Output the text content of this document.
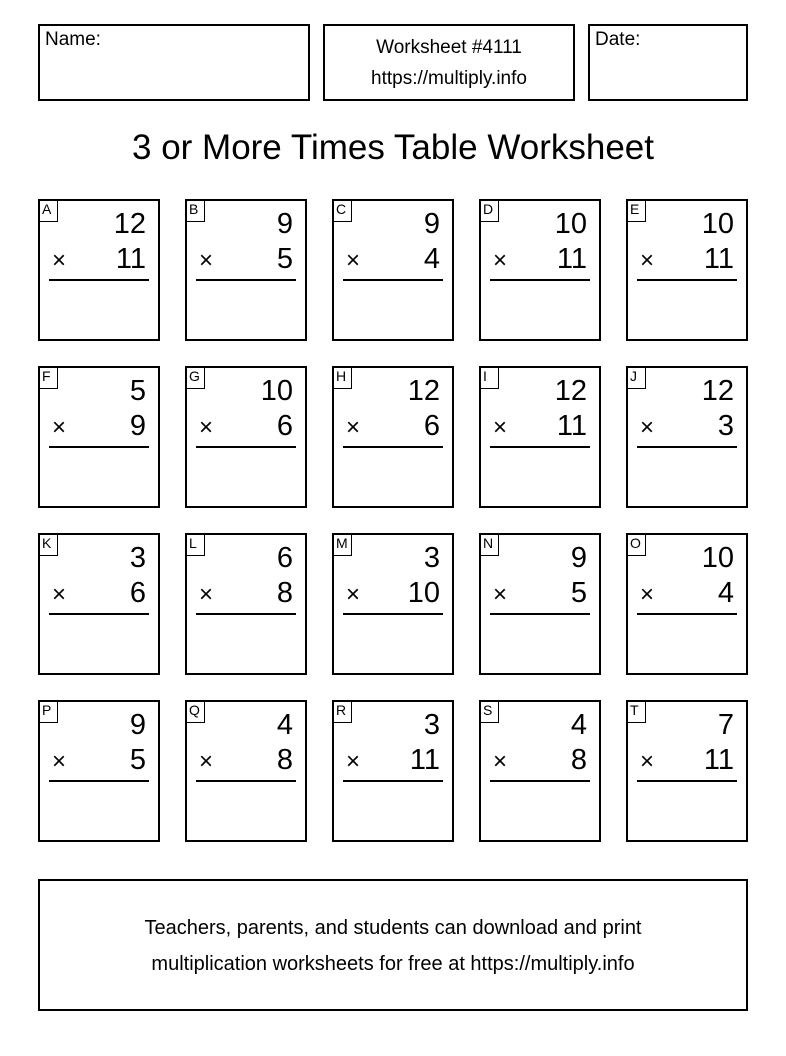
Name:	Worksheet #4111
https://multiply.info
Date:
3 or More Times Table Worksheet
A 12
× 11
B	9
× 5
C	9
× 4
D 10
× 11
E 10
× 11
F	5
× 9
G 10
× 6
H 12
× 6
I	12
× 11
J	12
× 3
K	3
× 6
L	6
× 8
M	3
× 10
N	9
× 5
O 10
× 4
P	9
× 5
Q	4
× 8
R	3
× 11
S	4
× 8
T	7
× 11
Teachers, parents, and students can download and print
multiplication worksheets for free at https://multiply.info
